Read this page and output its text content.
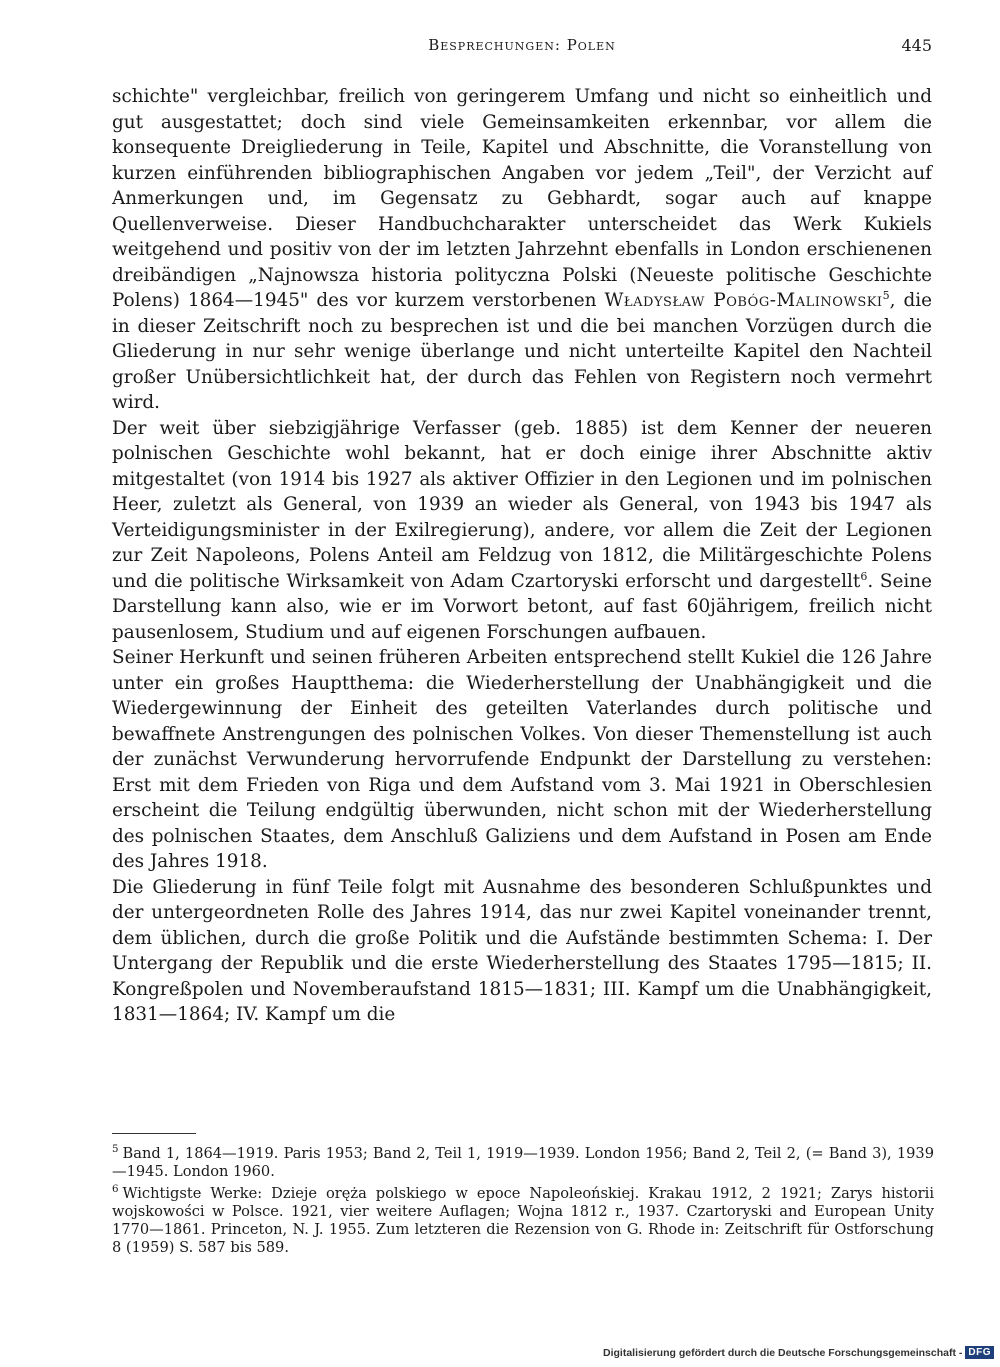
Besprechungen: Polen	445

schichte" vergleichbar, freilich von geringerem Umfang und nicht so einheitlich und gut ausgestattet; doch sind viele Gemeinsamkeiten erkennbar, vor allem die konsequente Dreigliederung in Teile, Kapitel und Abschnitte, die Voranstellung von kurzen einführenden bibliographischen Angaben vor jedem „Teil", der Verzicht auf Anmerkungen und, im Gegensatz zu Gebhardt, sogar auch auf knappe Quellenverweise. Dieser Handbuchcharakter unterscheidet das Werk Kukiels weitgehend und positiv von der im letzten Jahrzehnt ebenfalls in London erschienenen dreibändigen „Najnowsza historia polityczna Polski (Neueste politische Geschichte Polens) 1864—1945" des vor kurzem verstorbenen Władysław Pobóg-Malinowski$^5$, die in dieser Zeitschrift noch zu besprechen ist und die bei manchen Vorzügen durch die Gliederung in nur sehr wenige überlange und nicht unterteilte Kapitel den Nachteil großer Unübersichtlichkeit hat, der durch das Fehlen von Registern noch vermehrt wird.

Der weit über siebzigjährige Verfasser (geb. 1885) ist dem Kenner der neueren polnischen Geschichte wohl bekannt, hat er doch einige ihrer Abschnitte aktiv mitgestaltet (von 1914 bis 1927 als aktiver Offizier in den Legionen und im polnischen Heer, zuletzt als General, von 1939 an wieder als General, von 1943 bis 1947 als Verteidigungsminister in der Exilregierung), andere, vor allem die Zeit der Legionen zur Zeit Napoleons, Polens Anteil am Feldzug von 1812, die Militärgeschichte Polens und die politische Wirksamkeit von Adam Czartoryski erforscht und dargestellt$^6$. Seine Darstellung kann also, wie er im Vorwort betont, auf fast 60jährigem, freilich nicht pausenlosem, Studium und auf eigenen Forschungen aufbauen.

Seiner Herkunft und seinen früheren Arbeiten entsprechend stellt Kukiel die 126 Jahre unter ein großes Hauptthema: die Wiederherstellung der Unabhängigkeit und die Wiedergewinnung der Einheit des geteilten Vaterlandes durch politische und bewaffnete Anstrengungen des polnischen Volkes. Von dieser Themenstellung ist auch der zunächst Verwunderung hervorrufende Endpunkt der Darstellung zu verstehen: Erst mit dem Frieden von Riga und dem Aufstand vom 3. Mai 1921 in Oberschlesien erscheint die Teilung endgültig überwunden, nicht schon mit der Wiederherstellung des polnischen Staates, dem Anschluß Galiziens und dem Aufstand in Posen am Ende des Jahres 1918.

Die Gliederung in fünf Teile folgt mit Ausnahme des besonderen Schlußpunktes und der untergeordneten Rolle des Jahres 1914, das nur zwei Kapitel voneinander trennt, dem üblichen, durch die große Politik und die Aufstände bestimmten Schema: I. Der Untergang der Republik und die erste Wiederherstellung des Staates 1795—1815; II. Kongreßpolen und Novemberaufstand 1815—1831; III. Kampf um die Unabhängigkeit, 1831—1864; IV. Kampf um die

$^5$ Band 1, 1864—1919. Paris 1953; Band 2, Teil 1, 1919—1939. London 1956; Band 2, Teil 2, (= Band 3), 1939—1945. London 1960.

$^6$ Wichtigste Werke: Dzieje oręża polskiego w epoce Napoleońskiej. Krakau 1912, 2 1921; Zarys historii wojskowości w Polsce. 1921, vier weitere Auflagen; Wojna 1812 r., 1937. Czartoryski and European Unity 1770—1861. Princeton, N. J. 1955. Zum letzteren die Rezension von G. Rhode in: Zeitschrift für Ostforschung 8 (1959) S. 587 bis 589.

Digitalisierung gefördert durch die Deutsche Forschungsgemeinschaft - DFG
